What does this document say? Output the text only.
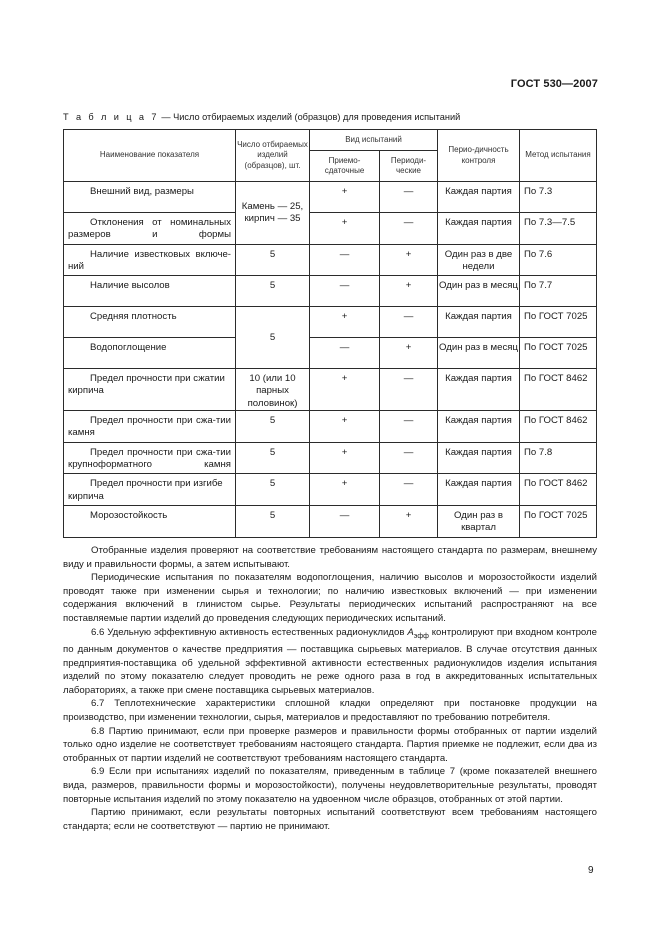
ГОСТ 530—2007
Т а б л и ц а 7 — Число отбираемых изделий (образцов) для проведения испытаний
Наименование показателя	Число отбираемых изделий (образцов), шт.	Вид испытаний		Перио-дичность контроля	Метод испытания
		Приемо-сдаточные	Периоди-ческие		

Внешний вид, размеры	Камень — 25, кирпич — 35	+	—	Каждая партия	По 7.3

Отклонения от номинальных размеров и формы		+	—	Каждая партия	По 7.3—7.5

Наличие известковых включе-ний	5	—	+	Один раз в две недели	По 7.6

Наличие высолов	5	—	+	Один раз в месяц	По 7.7

Средняя плотность	5	+	—	Каждая партия	По ГОСТ 7025

Водопоглощение		—	+	Один раз в месяц	По ГОСТ 7025

Предел прочности при сжатии кирпича	10 (или 10 парных половинок)	+	—	Каждая партия	По ГОСТ 8462

Предел прочности при сжа-тии камня	5	+	—	Каждая партия	По ГОСТ 8462

Предел прочности при сжа-тии крупноформатного камня	5	+	—	Каждая партия	По 7.8

Предел прочности при изгибе кирпича	5	+	—	Каждая партия	По ГОСТ 8462

Морозостойкость	5	—	+	Один раз в квартал	По ГОСТ 7025

Отобранные изделия проверяют на соответствие требованиям настоящего стандарта по размерам, внешнему виду и правильности формы, а затем испытывают.

Периодические испытания по показателям водопоглощения, наличию высолов и морозостойкости изделий проводят также при изменении сырья и технологии; по наличию известковых включений — при изменении содержания включений в глинистом сырье. Результаты периодических испытаний распространяют на все поставляемые партии изделий до проведения следующих периодических испытаний.

6.6 Удельную эффективную активность естественных радионуклидов $A_{эфф}$ контролируют при входном контроле по данным документов о качестве предприятия — поставщика сырьевых материалов. В случае отсутствия данных предприятия-поставщика об удельной эффективной активности естественных радионуклидов изделия испытания изделий по этому показателю следует проводить не реже одного раза в год в аккредитованных испытательных лабораториях, а также при смене поставщика сырьевых материалов.

6.7 Теплотехнические характеристики сплошной кладки определяют при постановке продукции на производство, при изменении технологии, сырья, материалов и предоставляют по требованию потребителя.

6.8 Партию принимают, если при проверке размеров и правильности формы отобранных от партии изделий только одно изделие не соответствует требованиям настоящего стандарта. Партия приемке не подлежит, если два из отобранных от партии изделий не соответствуют требованиям настоящего стандарта.

6.9 Если при испытаниях изделий по показателям, приведенным в таблице 7 (кроме показателей внешнего вида, размеров, правильности формы и морозостойкости), получены неудовлетворительные результаты, проводят повторные испытания изделий по этому показателю на удвоенном числе образцов, отобранных от этой партии.

Партию принимают, если результаты повторных испытаний соответствуют всем требованиям настоящего стандарта; если не соответствуют — партию не принимают.

9
